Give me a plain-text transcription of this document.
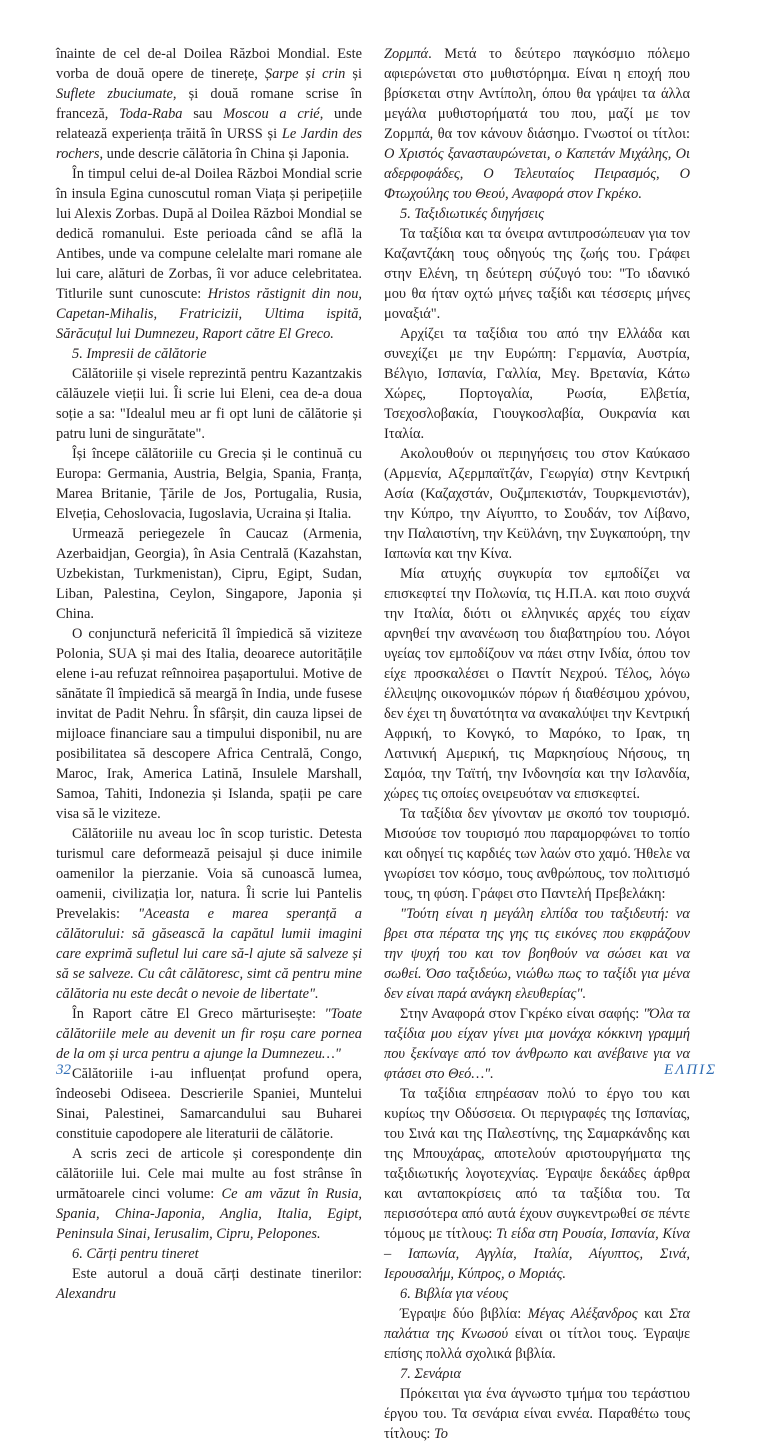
înainte de cel de-al Doilea Război Mondial. Este vorba de două opere de tinerețe, Șarpe și crin și Suflete zbuciumate, și două romane scrise în franceză, Toda-Raba sau Moscou a crié, unde relatează experiența trăită în URSS și Le Jardin des rochers, unde descrie călătoria în China și Japonia.

În timpul celui de-al Doilea Război Mondial scrie în insula Egina cunoscutul roman Viața și peripețiile lui Alexis Zorbas. După al Doilea Război Mondial se dedică romanului. Este perioada când se află la Antibes, unde va compune celelalte mari romane ale lui care, alături de Zorbas, îi vor aduce celebritatea. Titlurile sunt cunoscute: Hristos răstignit din nou, Capetan-Mihalis, Fratricizii, Ultima ispită, Sărăcuțul lui Dumnezeu, Raport către El Greco.

5. Impresii de călătorie

Călătoriile și visele reprezintă pentru Kazantzakis călăuzele vieții lui. Îi scrie lui Eleni, cea de-a doua soție a sa: "Idealul meu ar fi opt luni de călătorie și patru luni de singurătate".

Își începe călătoriile cu Grecia și le continuă cu Europa: Germania, Austria, Belgia, Spania, Franța, Marea Britanie, Țările de Jos, Portugalia, Rusia, Elveția, Cehoslovacia, Iugoslavia, Ucraina și Italia.

Urmează periegezele în Caucaz (Armenia, Azerbaidjan, Georgia), în Asia Centrală (Kazahstan, Uzbekistan, Turkmenistan), Cipru, Egipt, Sudan, Liban, Palestina, Ceylon, Singapore, Japonia și China.

O conjunctură nefericită îl împiedică să viziteze Polonia, SUA și mai des Italia, deoarece autoritățile elene i-au refuzat reînnoirea pașaportului. Motive de sănătate îl împiedică să meargă în India, unde fusese invitat de Padit Nehru. În sfârșit, din cauza lipsei de mijloace financiare sau a timpului disponibil, nu are posibilitatea să descopere Africa Centrală, Congo, Maroc, Irak, America Latină, Insulele Marshall, Samoa, Tahiti, Indonezia și Islanda, spații pe care visa să le viziteze.

Călătoriile nu aveau loc în scop turistic. Detesta turismul care deformează peisajul și duce inimile oamenilor la pierzanie. Voia să cunoască lumea, oamenii, civilizația lor, natura. Îi scrie lui Pantelis Prevelakis: "Aceasta e marea speranță a călătorului: să găsească la capătul lumii imagini care exprimă sufletul lui care să-l ajute să salveze și să se salveze. Cu cât călătoresc, simt că pentru mine călătoria nu este decât o nevoie de libertate".

În Raport către El Greco mărturisește: "Toate călătoriile mele au devenit un fir roșu care pornea de la om și urca pentru a ajunge la Dumnezeu…"

Călătoriile i-au influențat profund opera, îndeosebi Odiseea. Descrierile Spaniei, Muntelui Sinai, Palestinei, Samarcandului sau Buharei constituie capodopere ale literaturii de călătorie.

A scris zeci de articole și corespondențe din călătoriile lui. Cele mai multe au fost strânse în următoarele cinci volume: Ce am văzut în Rusia, Spania, China-Japonia, Anglia, Italia, Egipt, Peninsula Sinai, Ierusalim, Cipru, Pelopones.

6. Cărți pentru tineret

Este autorul a două cărți destinate tinerilor: Alexandru

Ζορμπά. Μετά το δεύτερο παγκόσμιο πόλεμο αφιερώνεται στο μυθιστόρημα. Είναι η εποχή που βρίσκεται στην Αντίπολη, όπου θα γράψει τα άλλα μεγάλα μυθιστορήματά του που, μαζί με τον Ζορμπά, θα τον κάνουν διάσημο. Γνωστοί οι τίτλοι: Ο Χριστός ξανασταυρώνεται, ο Καπετάν Μιχάλης, Οι αδερφοφάδες, Ο Τελευταίος Πειρασμός, Ο Φτωχούλης του Θεού, Αναφορά στον Γκρέκο.

5. Ταξιδιωτικές διηγήσεις

Τα ταξίδια και τα όνειρα αντιπροσώπευαν για τον Καζαντζάκη τους οδηγούς της ζωής του. Γράφει στην Ελένη, τη δεύτερη σύζυγό του: "Το ιδανικό μου θα ήταν οχτώ μήνες ταξίδι και τέσσερις μήνες μοναξιά".

Αρχίζει τα ταξίδια του από την Ελλάδα και συνεχίζει με την Ευρώπη: Γερμανία, Αυστρία, Βέλγιο, Ισπανία, Γαλλία, Μεγ. Βρετανία, Κάτω Χώρες, Πορτογαλία, Ρωσία, Ελβετία, Τσεχοσλοβακία, Γιουγκοσλαβία, Ουκρανία και Ιταλία.

Ακολουθούν οι περιηγήσεις του στον Καύκασο (Αρμενία, Αζερμπαϊτζάν, Γεωργία) στην Κεντρική Ασία (Καζαχστάν, Ουζμπεκιστάν, Τουρκμενιστάν), την Κύπρο, την Αίγυπτο, το Σουδάν, τον Λίβανο, την Παλαιστίνη, την Κεϋλάνη, την Συγκαπούρη, την Ιαπωνία και την Κίνα.

Μία ατυχής συγκυρία τον εμποδίζει να επισκεφτεί την Πολωνία, τις Η.Π.Α. και ποιο συχνά την Ιταλία, διότι οι ελληνικές αρχές του είχαν αρνηθεί την ανανέωση του διαβατηρίου του. Λόγοι υγείας τον εμποδίζουν να πάει στην Ινδία, όπου τον είχε προσκαλέσει ο Παντίτ Νεχρού. Τέλος, λόγω έλλειψης οικονομικών πόρων ή διαθέσιμου χρόνου, δεν έχει τη δυνατότητα να ανακαλύψει την Κεντρική Αφρική, το Κονγκό, το Μαρόκο, το Ιρακ, τη Λατινική Αμερική, τις Μαρκησίους Νήσους, τη Σαμόα, την Ταϊτή, την Ινδονησία και την Ισλανδία, χώρες τις οποίες ονειρευόταν να επισκεφτεί.

Τα ταξίδια δεν γίνονταν με σκοπό τον τουρισμό. Μισούσε τον τουρισμό που παραμορφώνει το τοπίο και οδηγεί τις καρδιές των λαών στο χαμό. Ήθελε να γνωρίσει τον κόσμο, τους ανθρώπους, τον πολιτισμό τους, τη φύση. Γράφει στο Παντελή Πρεβελάκη:

"Τούτη είναι η μεγάλη ελπίδα του ταξιδευτή: να βρει στα πέρατα της γης τις εικόνες που εκφράζουν την ψυχή του και τον βοηθούν να σώσει και να σωθεί. Όσο ταξιδεύω, νιώθω πως το ταξίδι για μένα δεν είναι παρά ανάγκη ελευθερίας".

Στην Αναφορά στον Γκρέκο είναι σαφής: "Όλα τα ταξίδια μου είχαν γίνει μια μονάχα κόκκινη γραμμή που ξεκίναγε από τον άνθρωπο και ανέβαινε για να φτάσει στο Θεό…".

Τα ταξίδια επηρέασαν πολύ το έργο του και κυρίως την Οδύσσεια. Οι περιγραφές της Ισπανίας, του Σινά και της Παλεστίνης, της Σαμαρκάνδης και της Μπουχάρας, αποτελούν αριστουργήματα της ταξιδιωτικής λογοτεχνίας. Έγραψε δεκάδες άρθρα και ανταποκρίσεις από τα ταξίδια του. Τα περισσότερα από αυτά έχουν συγκεντρωθεί σε πέντε τόμους με τίτλους: Τι είδα στη Ρουσία, Ισπανία, Κίνα – Ιαπωνία, Αγγλία, Ιταλία, Αίγυπτος, Σινά, Ιερουσαλήμ, Κύπρος, ο Μοριάς.

6. Βιβλία για νέους

Έγραψε δύο βιβλία: Μέγας Αλέξανδρος και Στα παλάτια της Κνωσού είναι οι τίτλοι τους. Έγραψε επίσης πολλά σχολικά βιβλία.

7. Σενάρια

Πρόκειται για ένα άγνωστο τμήμα του τεράστιου έργου του. Τα σενάρια είναι εννέα. Παραθέτω τους τίτλους: Το

32	ΕΛΠΙΣ
